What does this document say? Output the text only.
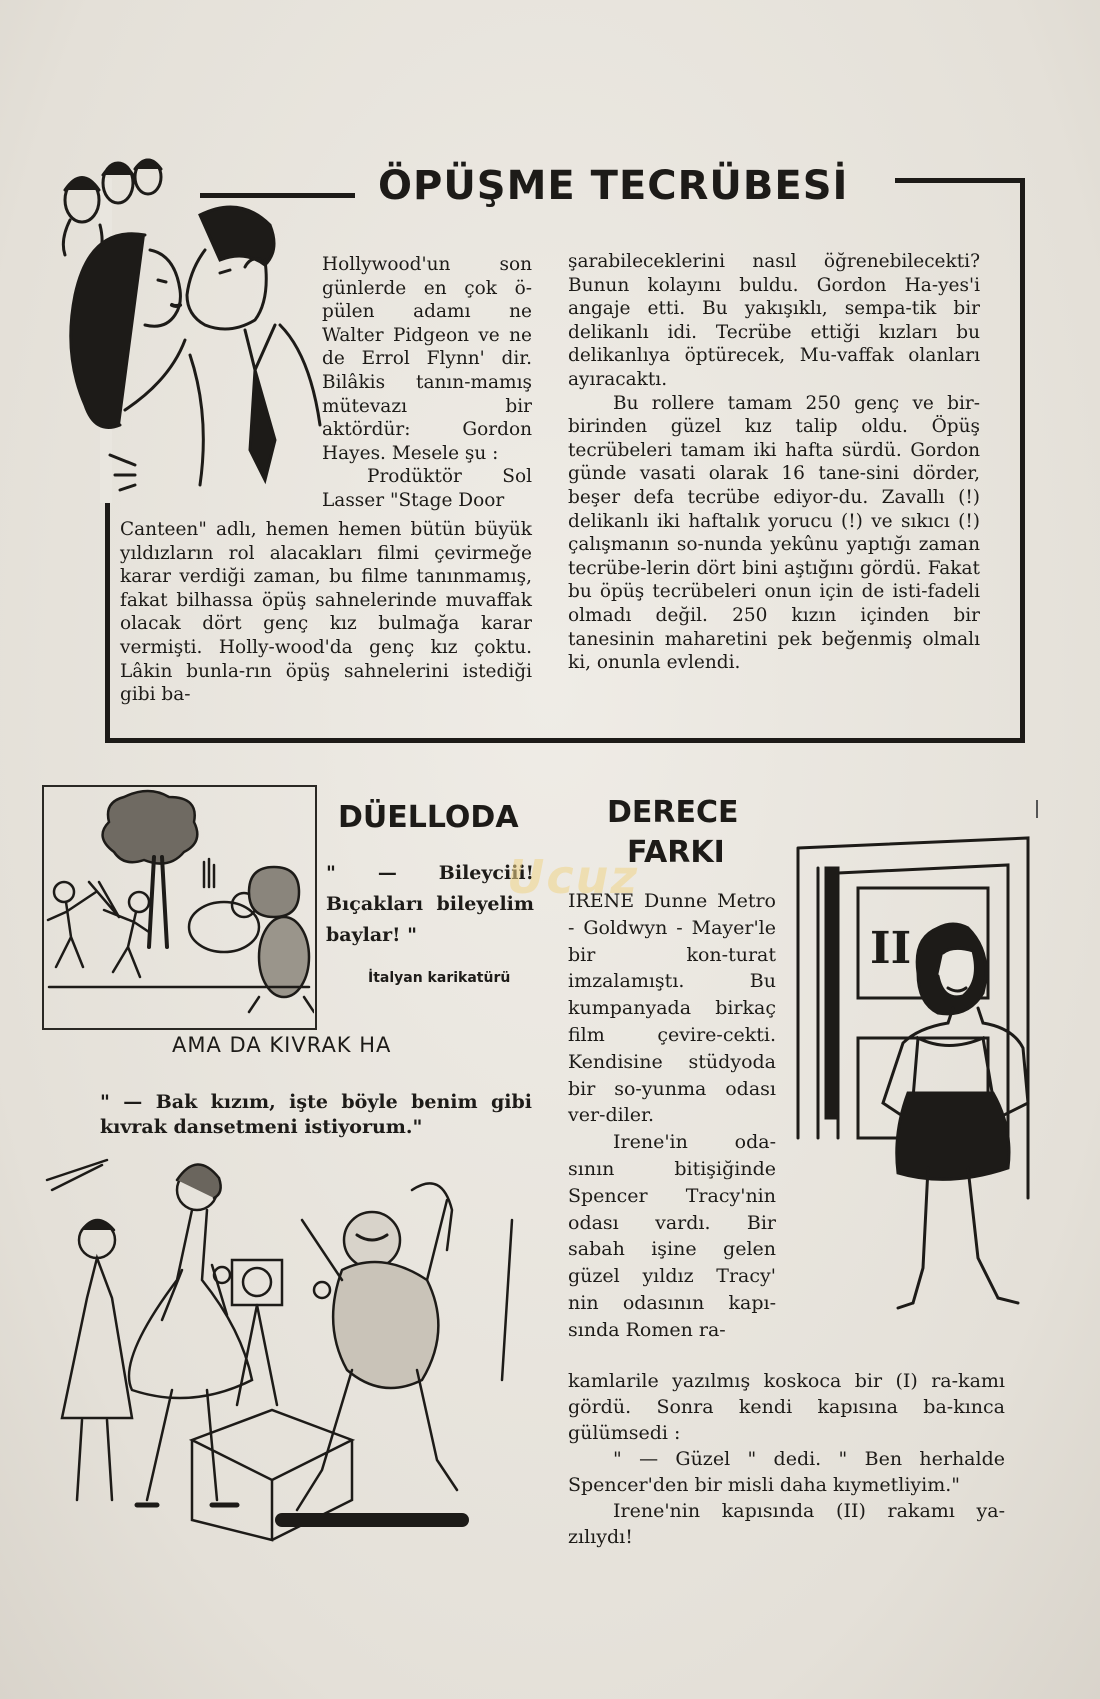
ÖPÜŞME TECRÜBESİ

Hollywood'un son günlerde en çok ö-pülen adamı ne Walter Pidgeon ve ne de Errol Flynn' dir. Bilâkis tanın-mamış mütevazı bir aktördür: Gordon Hayes. Mesele şu :

Prodüktör Sol Lasser "Stage Door

Canteen" adlı, hemen hemen bütün büyük yıldızların rol alacakları filmi çevirmeğe karar verdiği zaman, bu filme tanınmamış, fakat bilhassa öpüş sahnelerinde muvaffak olacak dört genç kız bulmağa karar vermişti. Holly-wood'da genç kız çoktu. Lâkin bunla-rın öpüş sahnelerini istediği gibi ba-

şarabileceklerini nasıl öğrenebilecekti? Bunun kolayını buldu. Gordon Ha-yes'i angaje etti. Bu yakışıklı, sempa-tik bir delikanlı idi. Tecrübe ettiği kızları bu delikanlıya öptürecek, Mu-vaffak olanları ayıracaktı.

Bu rollere tamam 250 genç ve bir-birinden güzel kız talip oldu. Öpüş tecrübeleri tamam iki hafta sürdü. Gordon günde vasati olarak 16 tane-sini dörder, beşer defa tecrübe ediyor-du. Zavallı (!) delikanlı iki haftalık yorucu (!) ve sıkıcı (!) çalışmanın so-nunda yekûnu yaptığı zaman tecrübe-lerin dört bini aştığını gördü. Fakat bu öpüş tecrübeleri onun için de isti-fadeli olmadı değil. 250 kızın içinden bir tanesinin maharetini pek beğenmiş olmalı ki, onunla evlendi.

DÜELLODA
" — Bileyciii! Bıçakları bileyelim baylar! "
İtalyan karikatürü
AMA DA KIVRAK HA
" — Bak kızım, işte böyle benim gibi kıvrak dansetmeni istiyorum."
DERECE
FARKI

IRENE Dunne Metro - Goldwyn - Mayer'le bir kon-turat imzalamıştı. Bu kumpanyada birkaç film çevire-cekti. Kendisine stüdyoda bir so-yunma odası ver-diler.

Irene'in oda-sının bitişiğinde Spencer Tracy'nin odası vardı. Bir sabah işine gelen güzel yıldız Tracy' nin odasının kapı-sında Romen ra-

kamlarile yazılmış koskoca bir (I) ra-kamı gördü. Sonra kendi kapısına ba-kınca gülümsedi :

" — Güzel " dedi. " Ben herhalde Spencer'den bir misli daha kıymetliyim."

Irene'nin kapısında (II) rakamı ya-zılıydı!

II
Ucuz
